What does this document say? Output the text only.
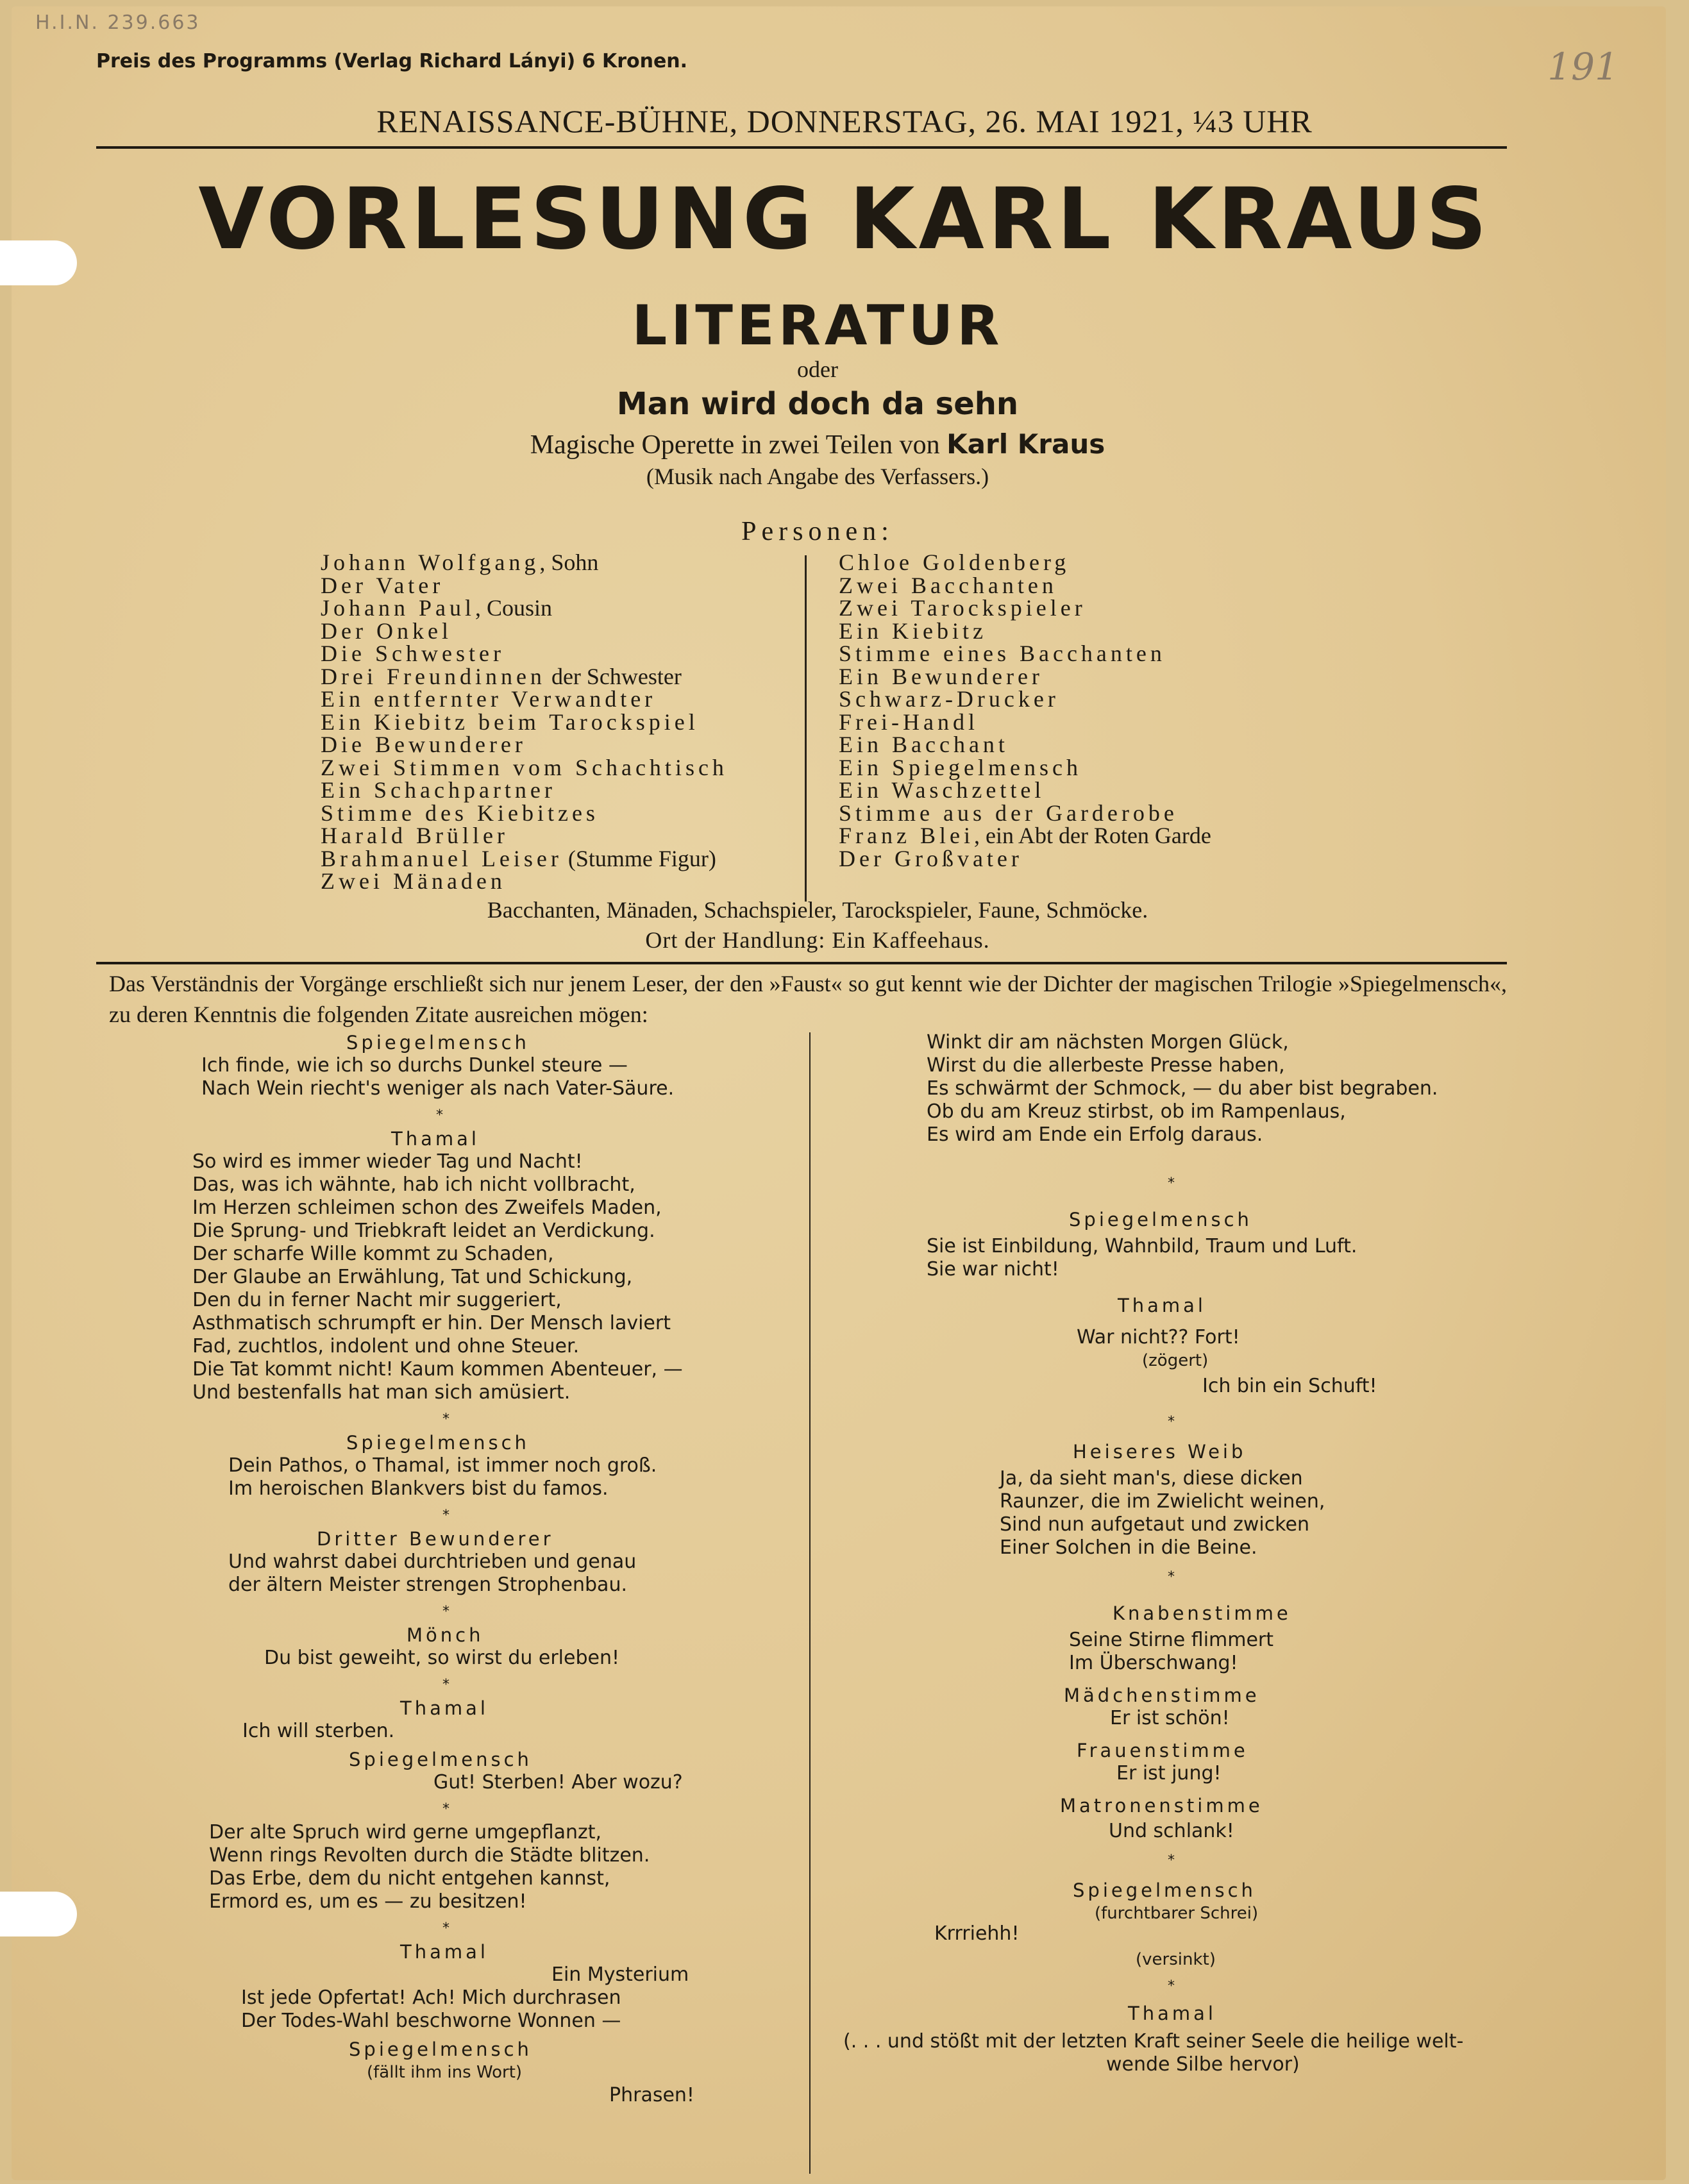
H.I.N. 239.663
191
Preis des Programms (Verlag Richard Lányi) 6 Kronen.
RENAISSANCE-BÜHNE, DONNERSTAG, 26. MAI 1921, ¼3 UHR
VORLESUNG KARL KRAUS
LITERATUR
oder
Man wird doch da sehn
Magische Operette in zwei Teilen von Karl Kraus
(Musik nach Angabe des Verfassers.)
Personen:
Johann Wolfgang, Sohn
Der Vater
Johann Paul, Cousin
Der Onkel
Die Schwester
Drei Freundinnen der Schwester
Ein entfernter Verwandter
Ein Kiebitz beim Tarockspiel
Die Bewunderer
Zwei Stimmen vom Schachtisch
Ein Schachpartner
Stimme des Kiebitzes
Harald Brüller
Brahmanuel Leiser (Stumme Figur)
Zwei Mänaden
Chloe Goldenberg
Zwei Bacchanten
Zwei Tarockspieler
Ein Kiebitz
Stimme eines Bacchanten
Ein Bewunderer
Schwarz-Drucker
Frei-Handl
Ein Bacchant
Ein Spiegelmensch
Ein Waschzettel
Stimme aus der Garderobe
Franz Blei, ein Abt der Roten Garde
Der Großvater
Bacchanten, Mänaden, Schachspieler, Tarockspieler, Faune, Schmöcke.
Ort der Handlung: Ein Kaffeehaus.

Das Verständnis der Vorgänge erschließt sich nur jenem Leser, der den »Faust« so gut kennt wie der Dichter der magischen Trilogie »Spiegelmensch«, zu deren Kenntnis die folgenden Zitate ausreichen mögen:

Spiegelmensch
Ich finde, wie ich so durchs Dunkel steure —
Nach Wein riecht's weniger als nach Vater-Säure.
*
Thamal
So wird es immer wieder Tag und Nacht!
Das, was ich wähnte, hab ich nicht vollbracht,
Im Herzen schleimen schon des Zweifels Maden,
Die Sprung- und Triebkraft leidet an Verdickung.
Der scharfe Wille kommt zu Schaden,
Der Glaube an Erwählung, Tat und Schickung,
Den du in ferner Nacht mir suggeriert,
Asthmatisch schrumpft er hin. Der Mensch laviert
Fad, zuchtlos, indolent und ohne Steuer.
Die Tat kommt nicht! Kaum kommen Abenteuer, —
Und bestenfalls hat man sich amüsiert.
*
Spiegelmensch
Dein Pathos, o Thamal, ist immer noch groß.
Im heroischen Blankvers bist du famos.
*
Dritter Bewunderer
Und wahrst dabei durchtrieben und genau
der ältern Meister strengen Strophenbau.
*
Mönch
Du bist geweiht, so wirst du erleben!
*
Thamal
Ich will sterben.
Spiegelmensch
Gut! Sterben! Aber wozu?
*
Der alte Spruch wird gerne umgepflanzt,
Wenn rings Revolten durch die Städte blitzen.
Das Erbe, dem du nicht entgehen kannst,
Ermord es, um es — zu besitzen!
*
Thamal
Ein Mysterium
Ist jede Opfertat! Ach! Mich durchrasen
Der Todes-Wahl beschworne Wonnen —
Spiegelmensch
(fällt ihm ins Wort)
Phrasen!
Winkt dir am nächsten Morgen Glück,
Wirst du die allerbeste Presse haben,
Es schwärmt der Schmock, — du aber bist begraben.
Ob du am Kreuz stirbst, ob im Rampenlaus,
Es wird am Ende ein Erfolg daraus.
*
Spiegelmensch
Sie ist Einbildung, Wahnbild, Traum und Luft.
Sie war nicht!
Thamal
War nicht?? Fort!
(zögert)
Ich bin ein Schuft!
*
Heiseres Weib
Ja, da sieht man's, diese dicken
Raunzer, die im Zwielicht weinen,
Sind nun aufgetaut und zwicken
Einer Solchen in die Beine.
*
Knabenstimme
Seine Stirne flimmert
Im Überschwang!
Mädchenstimme
Er ist schön!
Frauenstimme
Er ist jung!
Matronenstimme
Und schlank!
*
Spiegelmensch
(furchtbarer Schrei)
Krrriehh!
(versinkt)
*
Thamal
(. . . und stößt mit der letzten Kraft seiner Seele die heilige welt-
wende Silbe hervor)
